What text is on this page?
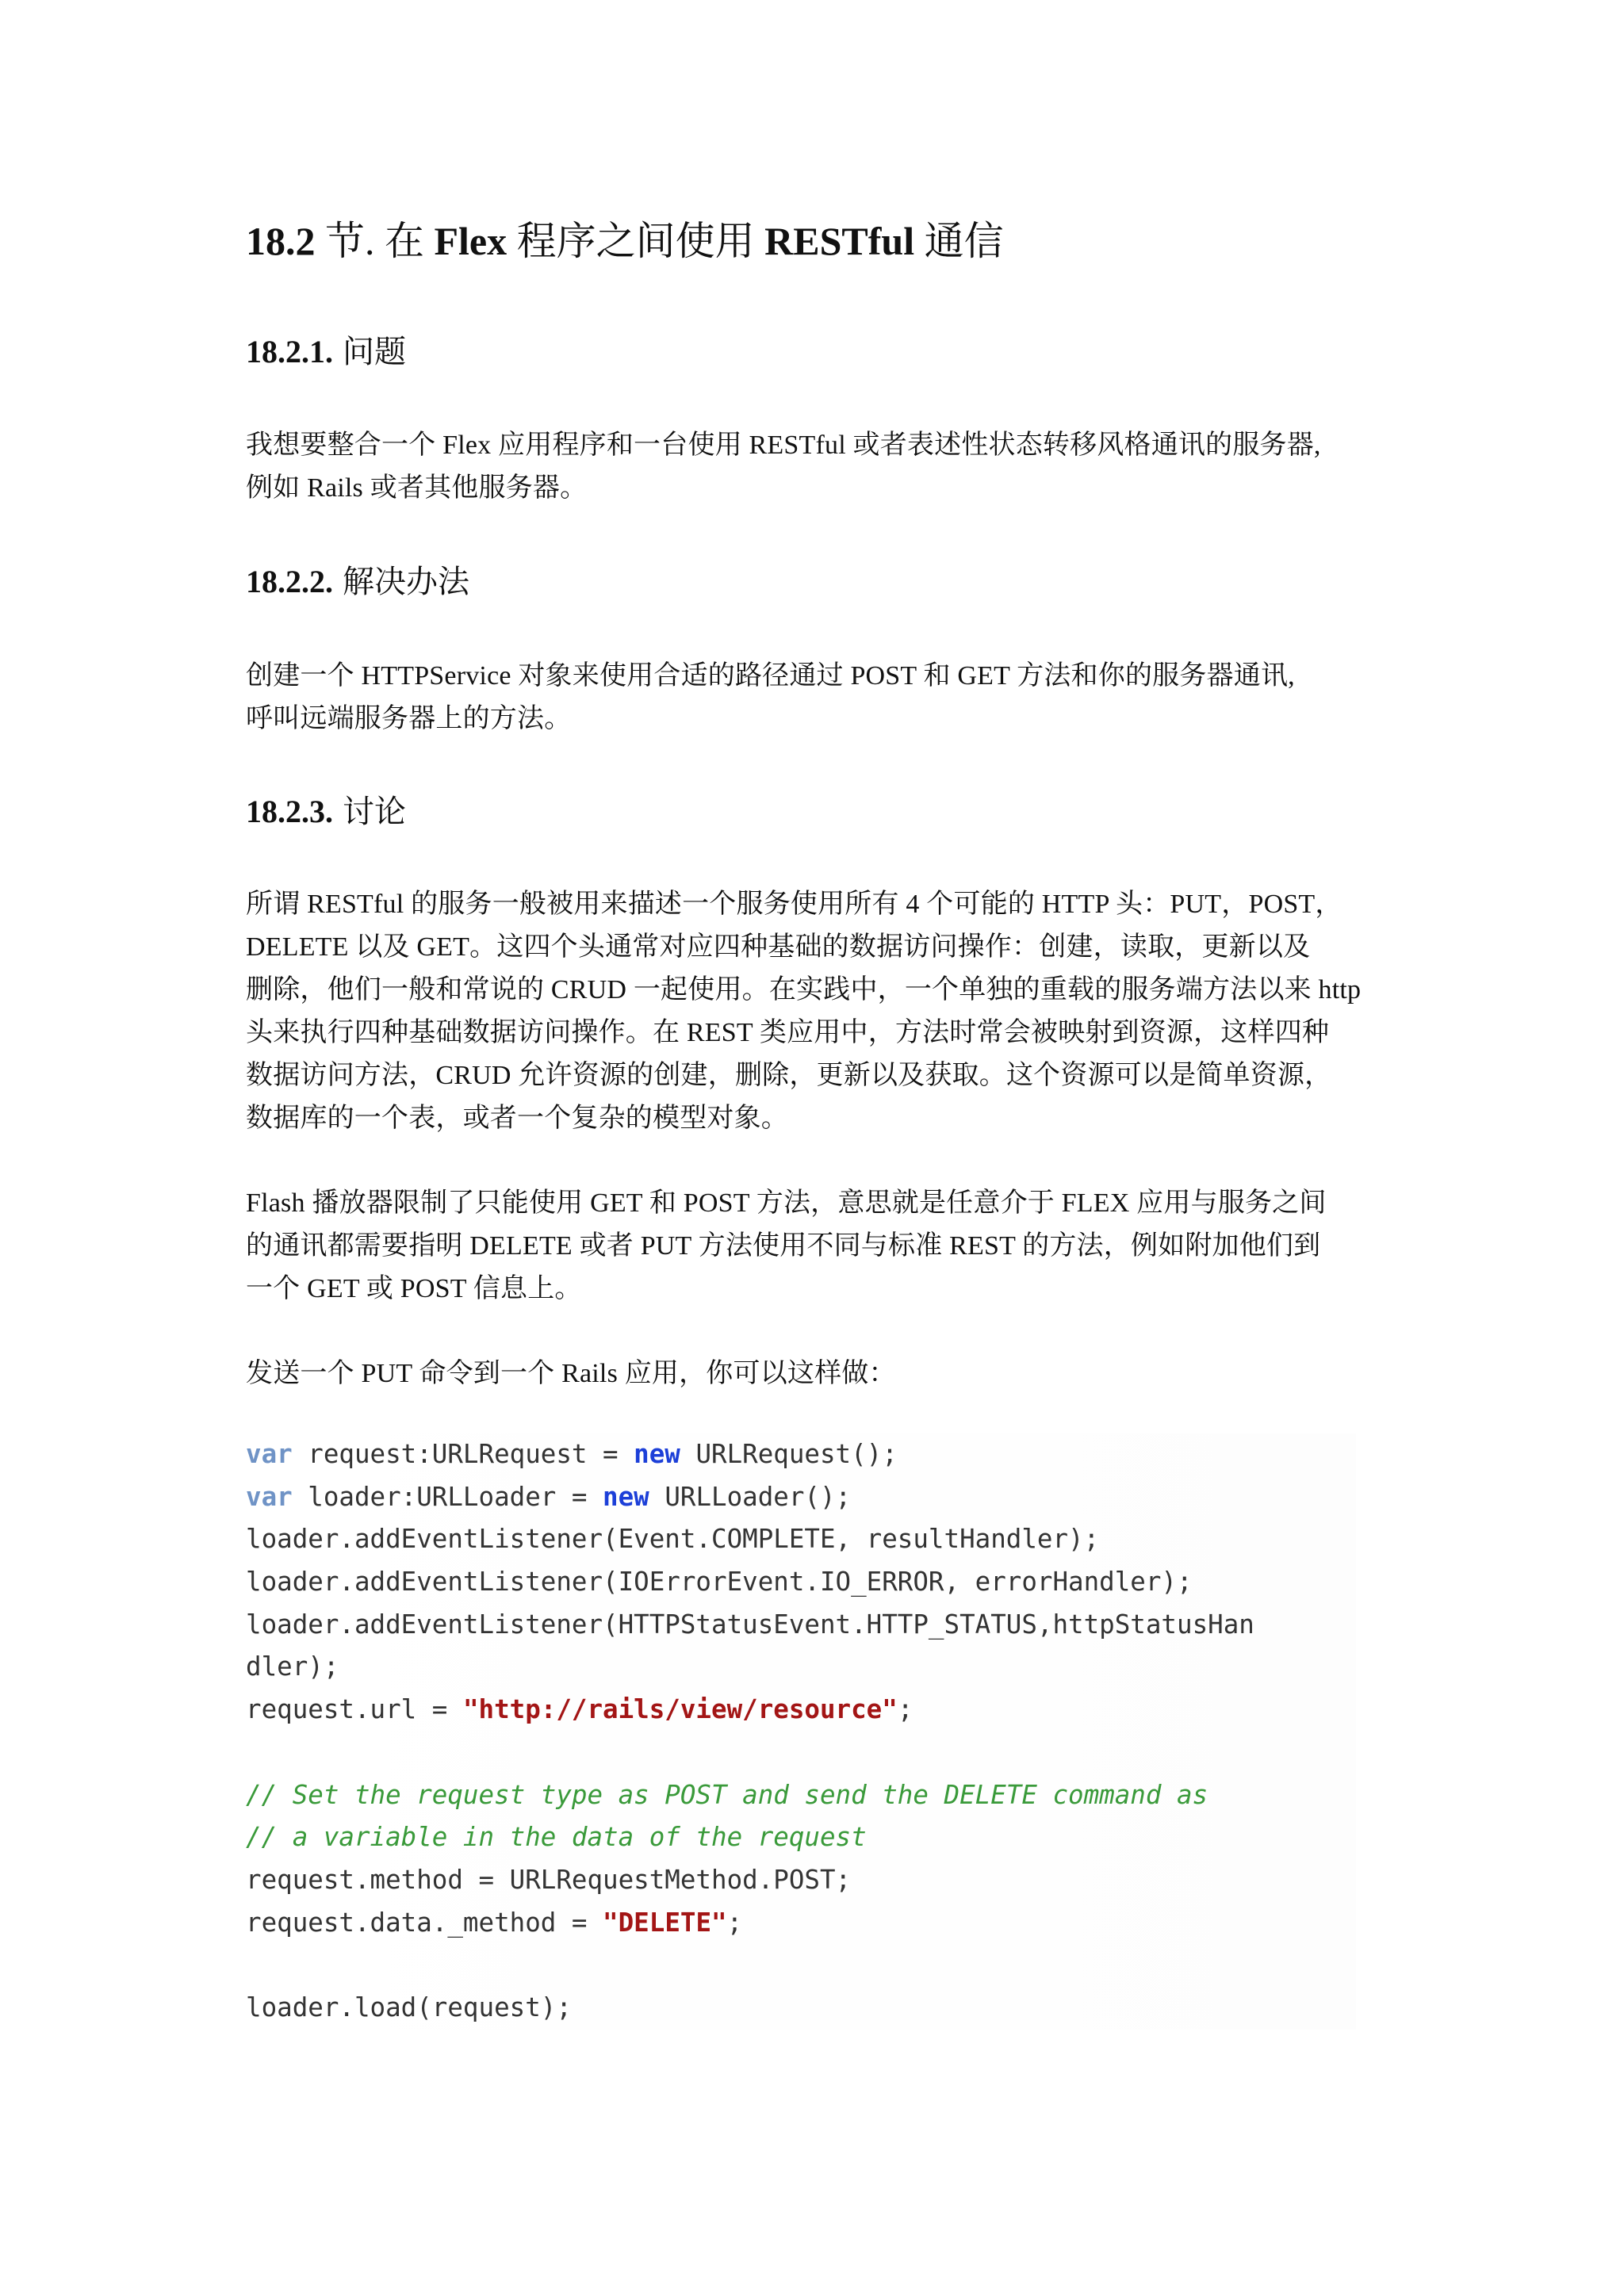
18.2 节. 在 Flex 程序之间使用 RESTful 通信
18.2.1. 问题

我想要整合一个 Flex 应用程序和一台使用 RESTful 或者表述性状态转移风格通讯的服务器,
例如 Rails 或者其他服务器。

18.2.2. 解决办法

创建一个 HTTPService 对象来使用合适的路径通过 POST 和 GET 方法和你的服务器通讯,
呼叫远端服务器上的方法。

18.2.3. 讨论

所谓 RESTful 的服务一般被用来描述一个服务使用所有 4 个可能的 HTTP 头：PUT，POST，
DELETE 以及 GET。这四个头通常对应四种基础的数据访问操作：创建，读取，更新以及
删除，他们一般和常说的 CRUD 一起使用。在实践中，一个单独的重载的服务端方法以来 http
头来执行四种基础数据访问操作。在 REST 类应用中，方法时常会被映射到资源，这样四种
数据访问方法，CRUD 允许资源的创建，删除，更新以及获取。这个资源可以是简单资源，
数据库的一个表，或者一个复杂的模型对象。

Flash 播放器限制了只能使用 GET 和 POST 方法，意思就是任意介于 FLEX 应用与服务之间
的通讯都需要指明 DELETE 或者 PUT 方法使用不同与标准 REST 的方法，例如附加他们到
一个 GET 或 POST 信息上。

发送一个 PUT 命令到一个 Rails 应用，你可以这样做：

var request:URLRequest = new URLRequest();
var loader:URLLoader = new URLLoader();
loader.addEventListener(Event.COMPLETE, resultHandler);
loader.addEventListener(IOErrorEvent.IO_ERROR, errorHandler);
loader.addEventListener(HTTPStatusEvent.HTTP_STATUS,httpStatusHan
dler);
request.url = "http://rails/view/resource";
// Set the request type as POST and send the DELETE command as
// a variable in the data of the request
request.method = URLRequestMethod.POST;
request.data._method = "DELETE";
loader.load(request);
